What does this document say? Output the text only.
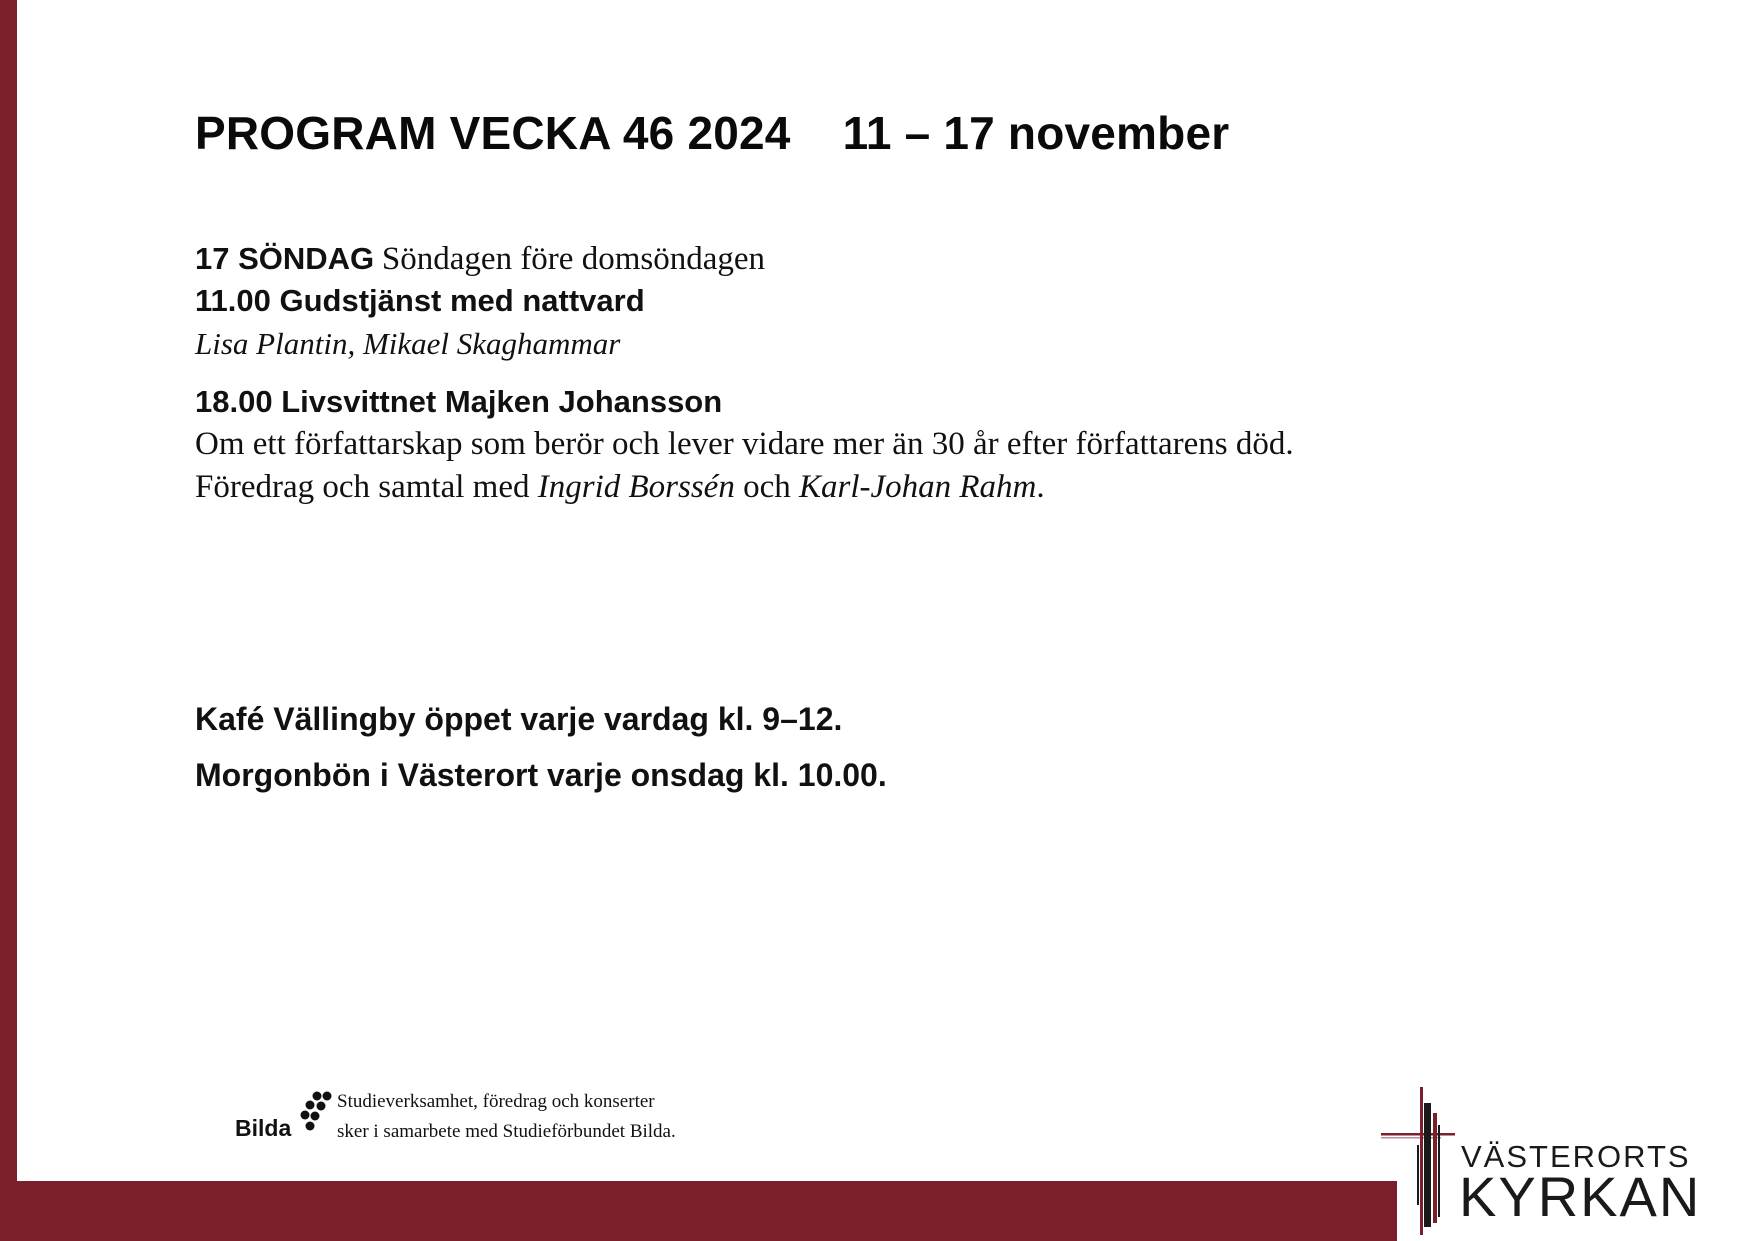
PROGRAM VECKA 46 2024 11 – 17 november

17 SÖNDAG Söndagen före domsöndagen

11.00 Gudstjänst med nattvard

Lisa Plantin, Mikael Skaghammar

18.00 Livsvittnet Majken Johansson

Om ett författarskap som berör och lever vidare mer än 30 år efter författarens död.

Föredrag och samtal med Ingrid Borssén och Karl-Johan Rahm.

Kafé Vällingby öppet varje vardag kl. 9–12.

Morgonbön i Västerort varje onsdag kl. 10.00.

Bilda
Studieverksamhet, föredrag och konserter
sker i samarbete med Studieförbundet Bilda.
VÄSTERORTS
KYRKAN
